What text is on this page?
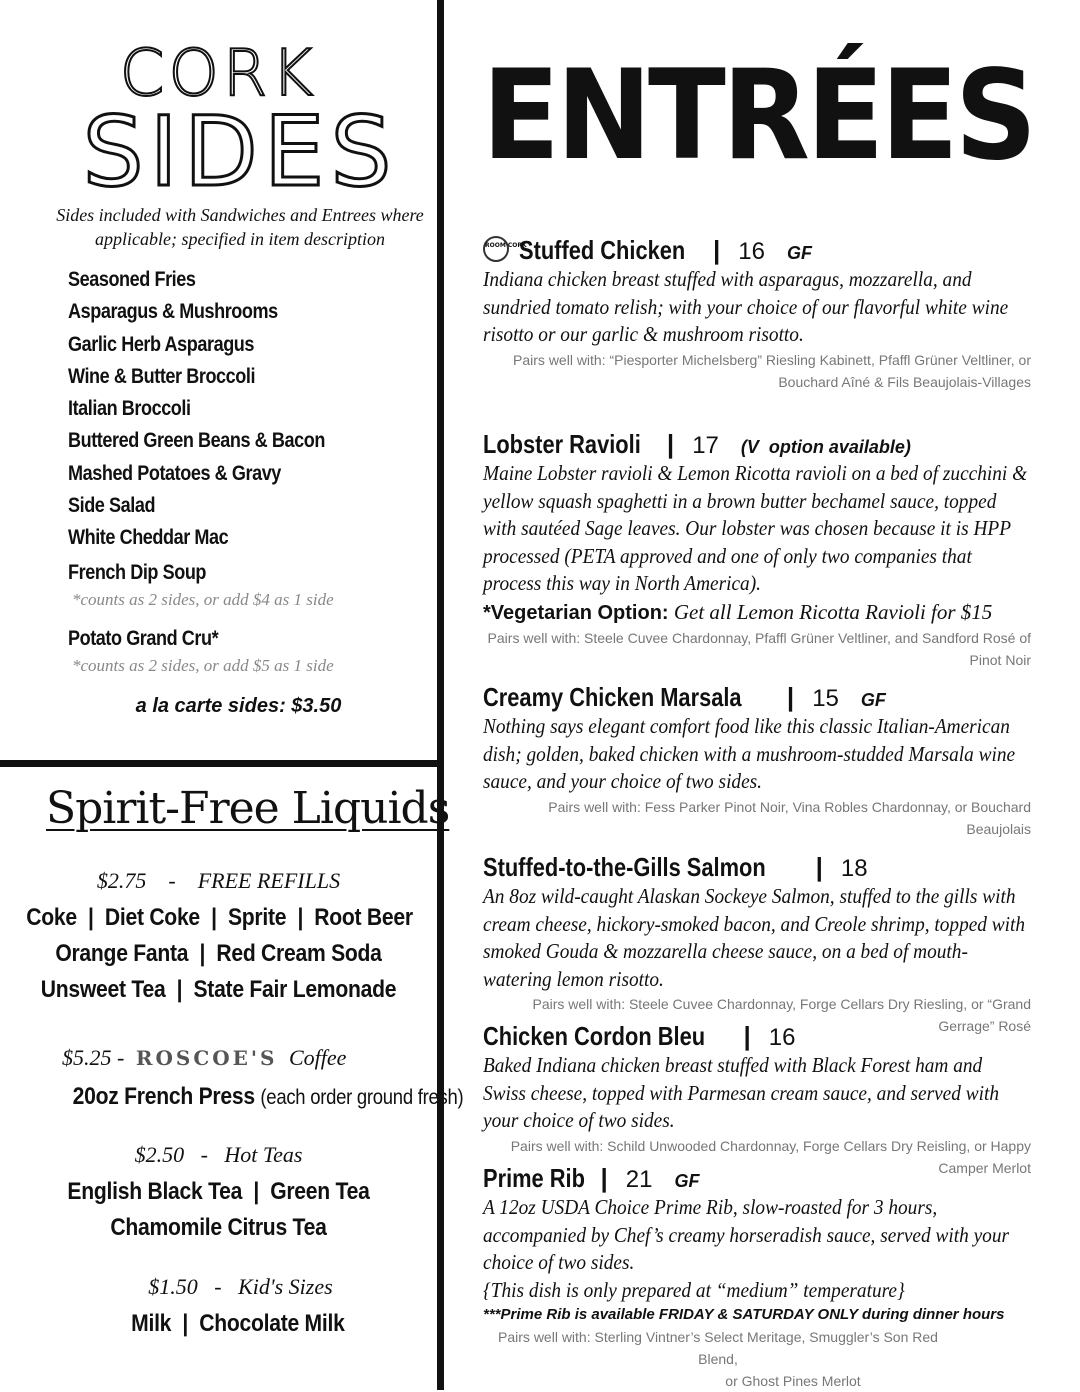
CORK
SIDES
Sides included with Sandwiches and Entrees where
applicable; specified in item description
Seasoned Fries
Asparagus & Mushrooms
Garlic Herb Asparagus
Wine & Butter Broccoli
Italian Broccoli
Buttered Green Beans & Bacon
Mashed Potatoes & Gravy
Side Salad
White Cheddar Mac
French Dip Soup
*counts as 2 sides, or add $4 as 1 side
Potato Grand Cru*
*counts as 2 sides, or add $5 as 1 side
a la carte sides: $3.50
Spirit-Free Liquids
$2.75 - FREE REFILLS
Coke  |  Diet Coke  |  Sprite  |  Root Beer
Orange Fanta  |  Red Cream Soda
Unsweet Tea  |  State Fair Lemonade
$5.25 - ROSCOE'S Coffee
20oz French Press (each order ground fresh)
$2.50 - Hot Teas
English Black Tea  |  Green Tea
Chamomile Citrus Tea
$1.50 - Kid's Sizes
Milk  |  Chocolate Milk
ENTRÉES
ROOM CORKStuffed Chicken | 16 GF
Indiana chicken breast stuffed with asparagus, mozzarella, and sundried tomato relish; with your choice of our flavorful white wine risotto or our garlic & mushroom risotto.
Pairs well with: “Piesporter Michelsberg” Riesling Kabinett, Pfaffl Grüner Veltliner, or
Bouchard Aîné & Fils Beaujolais-Villages
Lobster Ravioli | 17 (V  option available)
Maine Lobster ravioli & Lemon Ricotta ravioli on a bed of zucchini & yellow squash spaghetti in a brown butter bechamel sauce, topped with sautéed Sage leaves. Our lobster was chosen because it is HPP processed (PETA approved and one of only two companies that process this way in North America).
*Vegetarian Option: Get all Lemon Ricotta Ravioli for $15
Pairs well with: Steele Cuvee Chardonnay, Pfaffl Grüner Veltliner, and Sandford Rosé of Pinot Noir
Creamy Chicken Marsala | 15 GF
Nothing says elegant comfort food like this classic Italian-American dish; golden, baked chicken with a mushroom-studded Marsala wine sauce, and your choice of two sides.
Pairs well with: Fess Parker Pinot Noir, Vina Robles Chardonnay, or Bouchard Beaujolais
Stuffed-to-the-Gills Salmon | 18
An 8oz wild-caught Alaskan Sockeye Salmon, stuffed to the gills with cream cheese, hickory-smoked bacon, and Creole shrimp, topped with smoked Gouda & mozzarella cheese sauce, on a bed of mouth-watering lemon risotto.
Pairs well with: Steele Cuvee Chardonnay, Forge Cellars Dry Riesling, or “Grand Gerrage” Rosé
Chicken Cordon Bleu | 16
Baked Indiana chicken breast stuffed with Black Forest ham and Swiss cheese, topped with Parmesan cream sauce, and served with your choice of two sides.
Pairs well with: Schild Unwooded Chardonnay, Forge Cellars Dry Reisling, or Happy Camper Merlot
Prime Rib | 21 GF
A 12oz USDA Choice Prime Rib, slow-roasted for 3 hours, accompanied by Chef’s creamy horseradish sauce, served with your choice of two sides.
{This dish is only prepared at “medium” temperature}
***Prime Rib is available FRIDAY & SATURDAY ONLY during dinner hours
Pairs well with: Sterling Vintner’s Select Meritage, Smuggler’s Son Red Blend,
or Ghost Pines Merlot
